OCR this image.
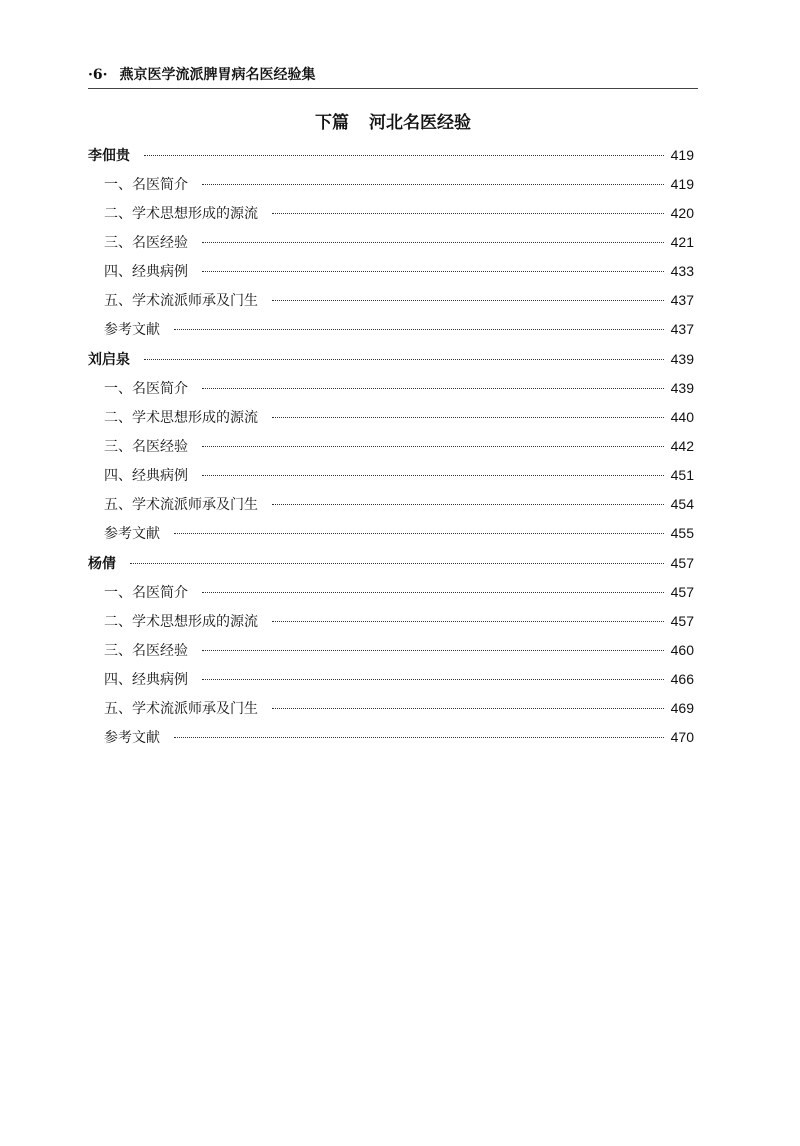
·6· 燕京医学流派脾胃病名医经验集
下篇 河北名医经验
李佃贵	419
一、名医简介	419
二、学术思想形成的源流	420
三、名医经验	421
四、经典病例	433
五、学术流派师承及门生	437
参考文献	437
刘启泉	439
一、名医简介	439
二、学术思想形成的源流	440
三、名医经验	442
四、经典病例	451
五、学术流派师承及门生	454
参考文献	455
杨倩	457
一、名医简介	457
二、学术思想形成的源流	457
三、名医经验	460
四、经典病例	466
五、学术流派师承及门生	469
参考文献	470
